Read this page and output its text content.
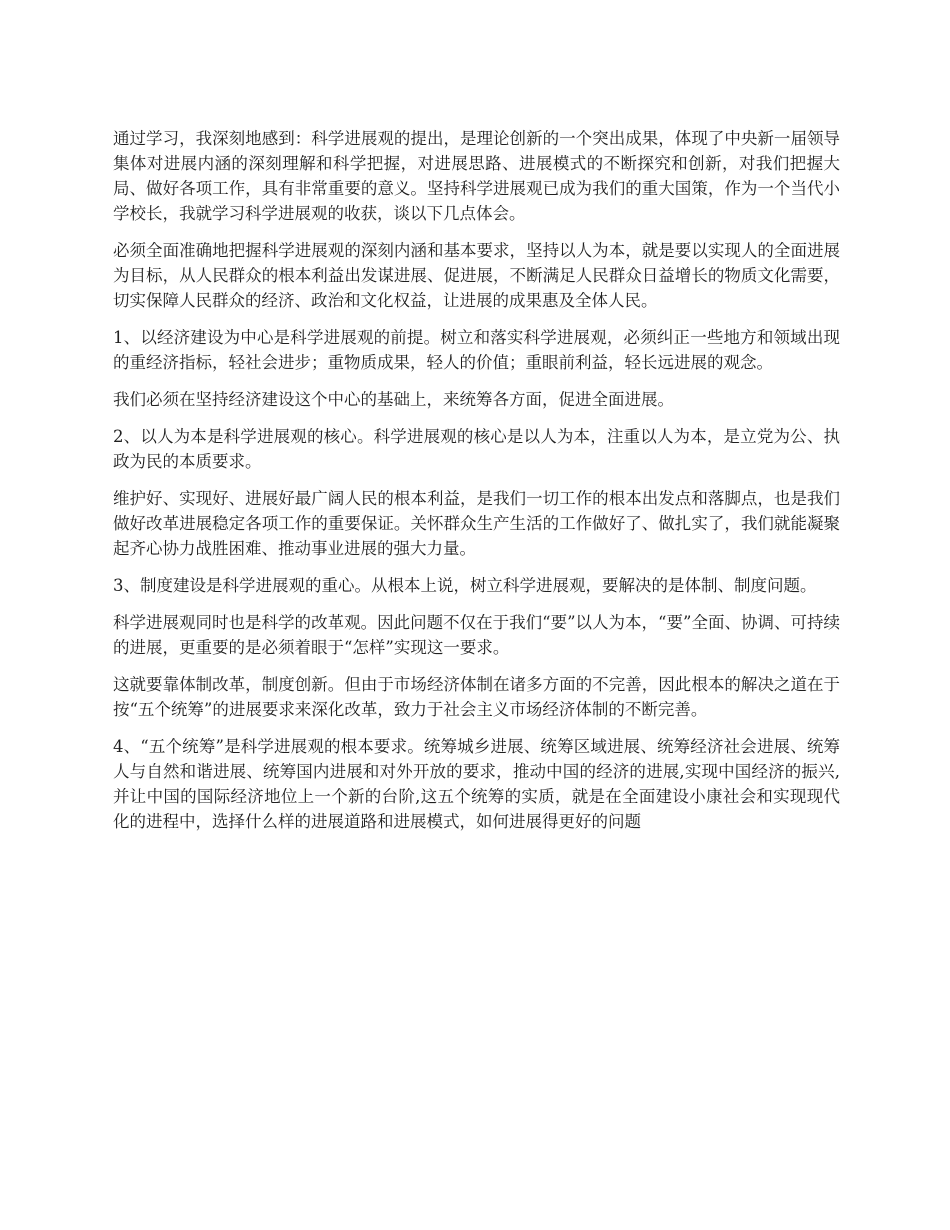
通过学习，我深刻地感到：科学进展观的提出，是理论创新的一个突出成果，体现了中央新一届领导集体对进展内涵的深刻理解和科学把握，对进展思路、进展模式的不断探究和创新，对我们把握大局、做好各项工作，具有非常重要的意义。坚持科学进展观已成为我们的重大国策，作为一个当代小学校长，我就学习科学进展观的收获，谈以下几点体会。

必须全面准确地把握科学进展观的深刻内涵和基本要求，坚持以人为本，就是要以实现人的全面进展为目标，从人民群众的根本利益出发谋进展、促进展，不断满足人民群众日益增长的物质文化需要，切实保障人民群众的经济、政治和文化权益，让进展的成果惠及全体人民。

1、以经济建设为中心是科学进展观的前提。树立和落实科学进展观，必须纠正一些地方和领域出现的重经济指标，轻社会进步；重物质成果，轻人的价值；重眼前利益，轻长远进展的观念。

我们必须在坚持经济建设这个中心的基础上，来统筹各方面，促进全面进展。

2、以人为本是科学进展观的核心。科学进展观的核心是以人为本，注重以人为本，是立党为公、执政为民的本质要求。

维护好、实现好、进展好最广阔人民的根本利益，是我们一切工作的根本出发点和落脚点，也是我们做好改革进展稳定各项工作的重要保证。关怀群众生产生活的工作做好了、做扎实了，我们就能凝聚起齐心协力战胜困难、推动事业进展的强大力量。

3、制度建设是科学进展观的重心。从根本上说，树立科学进展观，要解决的是体制、制度问题。

科学进展观同时也是科学的改革观。因此问题不仅在于我们“要”以人为本，“要”全面、协调、可持续的进展，更重要的是必须着眼于“怎样”实现这一要求。

这就要靠体制改革，制度创新。但由于市场经济体制在诸多方面的不完善，因此根本的解决之道在于按“五个统筹”的进展要求来深化改革，致力于社会主义市场经济体制的不断完善。

4、“五个统筹”是科学进展观的根本要求。统筹城乡进展、统筹区域进展、统筹经济社会进展、统筹人与自然和谐进展、统筹国内进展和对外开放的要求，推动中国的经济的进展,实现中国经济的振兴,并让中国的国际经济地位上一个新的台阶,这五个统筹的实质，就是在全面建设小康社会和实现现代化的进程中，选择什么样的进展道路和进展模式，如何进展得更好的问题
